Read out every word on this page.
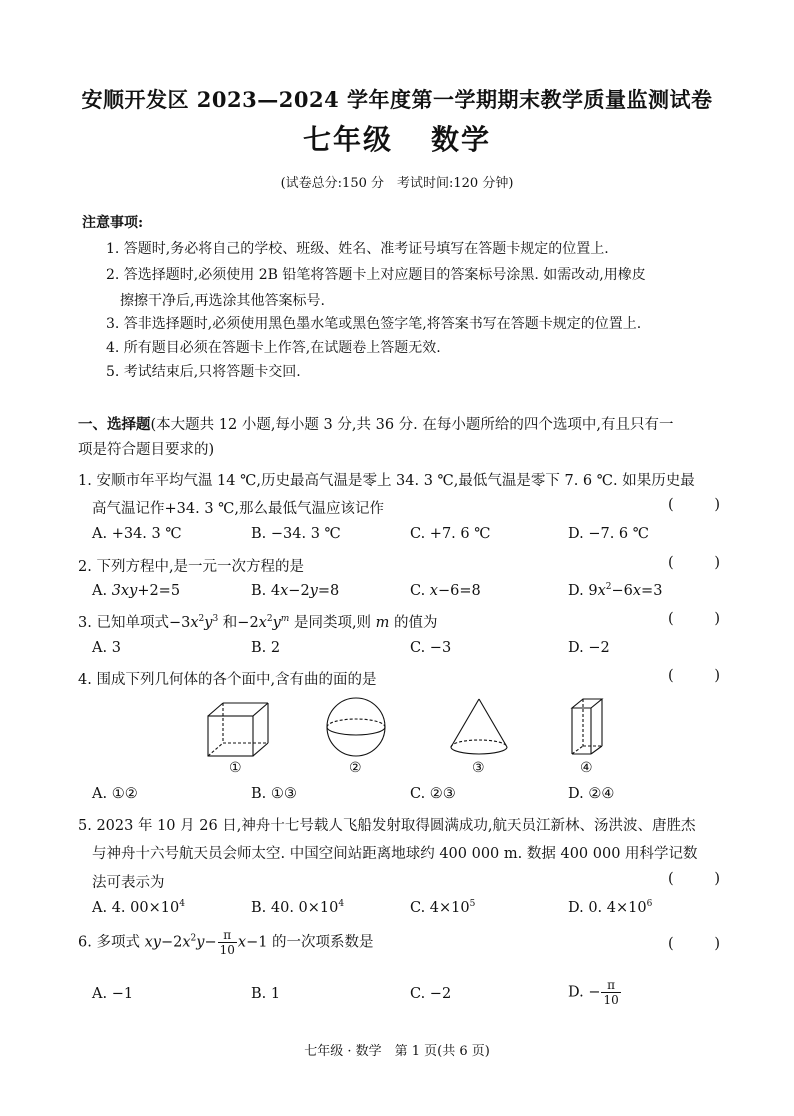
安顺开发区 2023—2024 学年度第一学期期末教学质量监测试卷
七年级 数学
(试卷总分:150 分　考试时间:120 分钟)
注意事项:
1. 答题时,务必将自己的学校、班级、姓名、准考证号填写在答题卡规定的位置上.
2. 答选择题时,必须使用 2B 铅笔将答题卡上对应题目的答案标号涂黑. 如需改动,用橡皮
擦擦干净后,再选涂其他答案标号.
3. 答非选择题时,必须使用黑色墨水笔或黑色签字笔,将答案书写在答题卡规定的位置上.
4. 所有题目必须在答题卡上作答,在试题卷上答题无效.
5. 考试结束后,只将答题卡交回.
一、选择题(本大题共 12 小题,每小题 3 分,共 36 分. 在每小题所给的四个选项中,有且只有一
项是符合题目要求的)
1. 安顺市年平均气温 14 ℃,历史最高气温是零上 34. 3 ℃,最低气温是零下 7. 6 ℃. 如果历史最
高气温记作+34. 3 ℃,那么最低气温应该记作	(	)
A. +34. 3 ℃	B. −34. 3 ℃	C. +7. 6 ℃	D. −7. 6 ℃
2. 下列方程中,是一元一次方程的是	(	)
A. 3xy+2=5	B. 4x−2y=8	C. x−6=8	D. $9x^2-6x=3$
3. 已知单项式$-3x^2y^3$ 和$-2x^2y^m$ 是同类项,则 m 的值为	(	)
A. 3	B. 2	C. −3	D. −2
4. 围成下列几何体的各个面中,含有曲的面的是	(	)
①	②	③	④
A. ①②	B. ①③	C. ②③	D. ②④
5. 2023 年 10 月 26 日,神舟十七号载人飞船发射取得圆满成功,航天员江新林、汤洪波、唐胜杰
与神舟十六号航天员会师太空. 中国空间站距离地球约 400 000 m. 数据 400 000 用科学记数
法可表示为	(	)
A. 4. $00\times 10^4$	B. 40. $0\times 10^4$	C. $4\times 10^5$	D. 0. $4\times 10^6$
6. 多项式 $xy-2x^2y- \frac{\pi}{10} x-1$ 的一次项系数是	(	)
A. −1	B. 1	C. −2	D. − $\frac{\pi}{10}$
七年级 · 数学　第 1 页(共 6 页)
